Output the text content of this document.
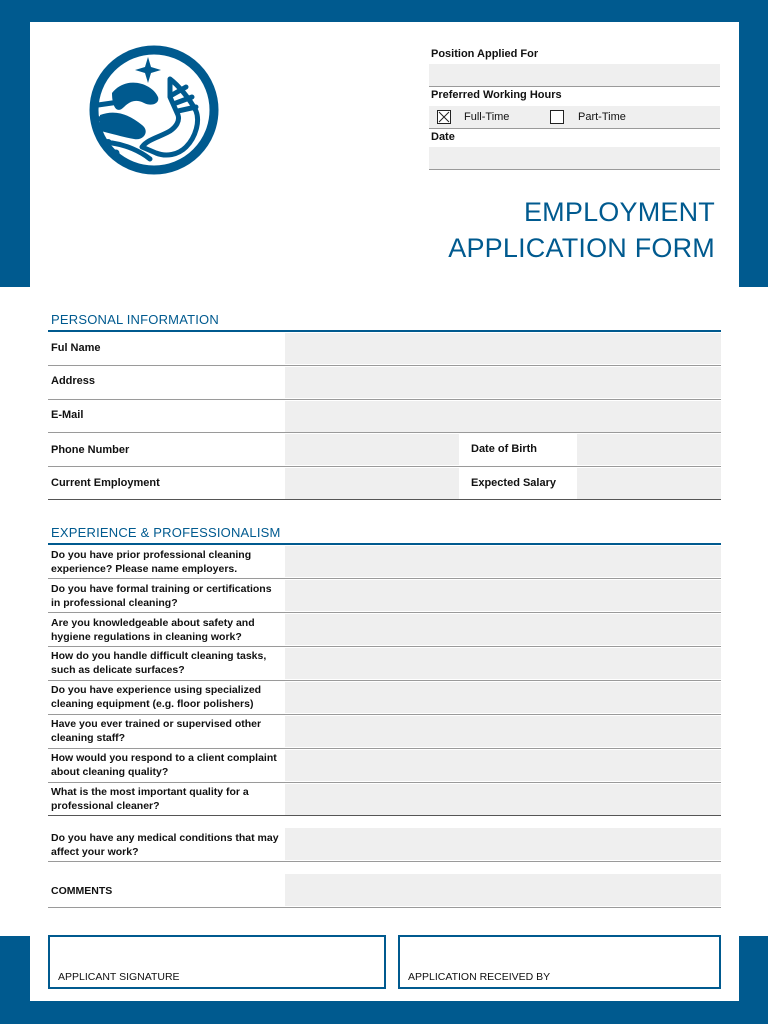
Position Applied For
Preferred Working Hours
Full-Time	Part-Time
Date
EMPLOYMENT
APPLICATION FORM
PERSONAL INFORMATION
Ful Name
Address
E-Mail
Phone Number	Date of Birth
Current Employment	Expected Salary
EXPERIENCE & PROFESSIONALISM
Do you have prior professional cleaning experience? Please name employers.
Do you have formal training or certifications in professional cleaning?
Are you knowledgeable about safety and hygiene regulations in cleaning work?
How do you handle difficult cleaning tasks, such as delicate surfaces?
Do you have experience using specialized cleaning equipment (e.g. floor polishers)
Have you ever trained or supervised other cleaning staff?
How would you respond to a client complaint about cleaning quality?
What is the most important quality for a professional cleaner?
Do you have any medical conditions that may affect your work?
COMMENTS
APPLICANT SIGNATURE	APPLICATION RECEIVED BY
